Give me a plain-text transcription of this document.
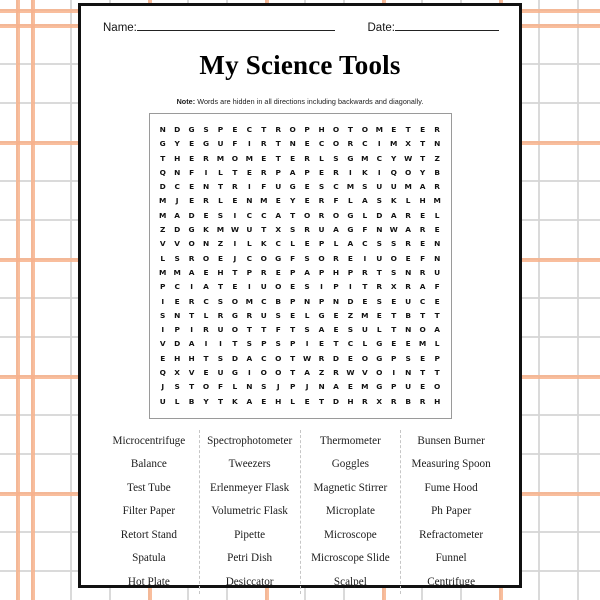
Name:	Date:
My Science Tools
Note: Words are hidden in all directions including backwards and diagonally.
N	D	G	S	P	E	C	T	R	O	P	H	O	T	O	M	E	T	E	R
G	Y	E	G	U	F	I	R	T	N	E	C	O	R	C	I	M	X	T	N
T	H	E	R	M	O	M	E	T	E	R	L	S	G	M	C	Y	W	T	Z
Q	N	F	I	L	T	E	R	P	A	P	E	R	I	K	I	Q	O	Y	B
D	C	E	N	T	R	I	F	U	G	E	S	C	M	S	U	U	M	A	R
M	J	E	R	L	E	N	M	E	Y	E	R	F	L	A	S	K	L	H	M
M	A	D	E	S	I	C	C	A	T	O	R	O	G	L	D	A	R	E	L
Z	D	G	K	M	W	U	T	X	S	R	U	A	G	F	N	W	A	R	E
V	V	O	N	Z	I	L	K	C	L	E	P	L	A	C	S	S	R	E	N
L	S	R	O	E	J	C	O	G	F	S	O	R	E	I	U	O	E	F	N
M	M	A	E	H	T	P	R	E	P	A	P	H	P	R	T	S	N	R	U
P	C	I	A	T	E	I	U	O	E	S	I	P	I	T	R	X	R	A	F
I	E	R	C	S	O	M	C	B	P	N	P	N	D	E	S	E	U	C	E
S	N	T	L	R	G	R	U	S	E	L	G	E	Z	M	E	T	B	T	T
I	P	I	R	U	O	T	T	F	T	S	A	E	S	U	L	T	N	O	A
V	D	A	I	I	T	S	P	S	P	I	E	T	C	L	G	E	E	M	L
E	H	H	T	S	D	A	C	O	T	W	R	D	E	O	G	P	S	E	P
Q	X	V	E	U	G	I	O	O	T	A	Z	R	W	V	O	I	N	T	T
J	S	T	O	F	L	N	S	J	P	J	N	A	E	M	G	P	U	E	O
U	L	B	Y	T	K	A	E	H	L	E	T	D	H	R	X	R	B	R	H
Microcentrifuge
Balance
Test Tube
Filter Paper
Retort Stand
Spatula
Hot Plate
Spectrophotometer
Tweezers
Erlenmeyer Flask
Volumetric Flask
Pipette
Petri Dish
Desiccator
Thermometer
Goggles
Magnetic Stirrer
Microplate
Microscope
Microscope Slide
Scalpel
Bunsen Burner
Measuring Spoon
Fume Hood
Ph Paper
Refractometer
Funnel
Centrifuge
